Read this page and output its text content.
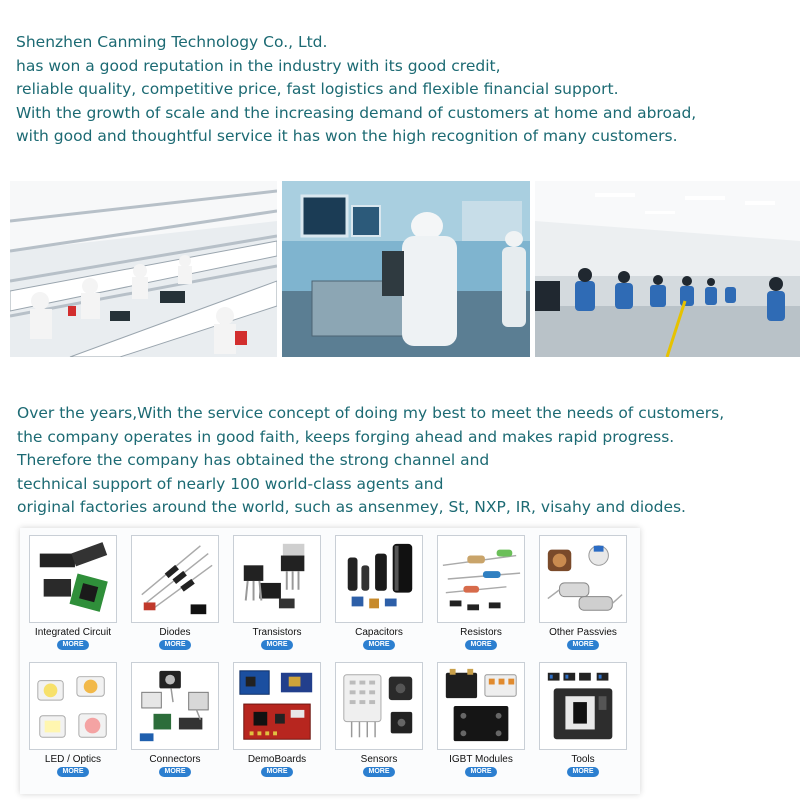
Shenzhen Canming Technology Co., Ltd.
has won a good reputation in the industry with its good credit,
reliable quality, competitive price, fast logistics and flexible financial support.
With the growth of scale and the increasing demand of customers at home and abroad,
with good and thoughtful service it has won the high recognition of many customers.
Over the years,With the service concept of doing my best to meet the needs of customers,
the company operates in good faith, keeps forging ahead and makes rapid progress.
Therefore the company has obtained the strong channel and
technical support of nearly 100 world-class agents and
original factories around the world, such as ansenmey, St, NXP, IR, visahy and diodes.
Integrated Circuit
MORE
Diodes
MORE
Transistors
MORE
Capacitors
MORE
Resistors
MORE
Other Passvies
MORE
LED / Optics
MORE
Connectors
MORE
DemoBoards
MORE
Sensors
MORE
IGBT Modules
MORE
Tools
MORE
